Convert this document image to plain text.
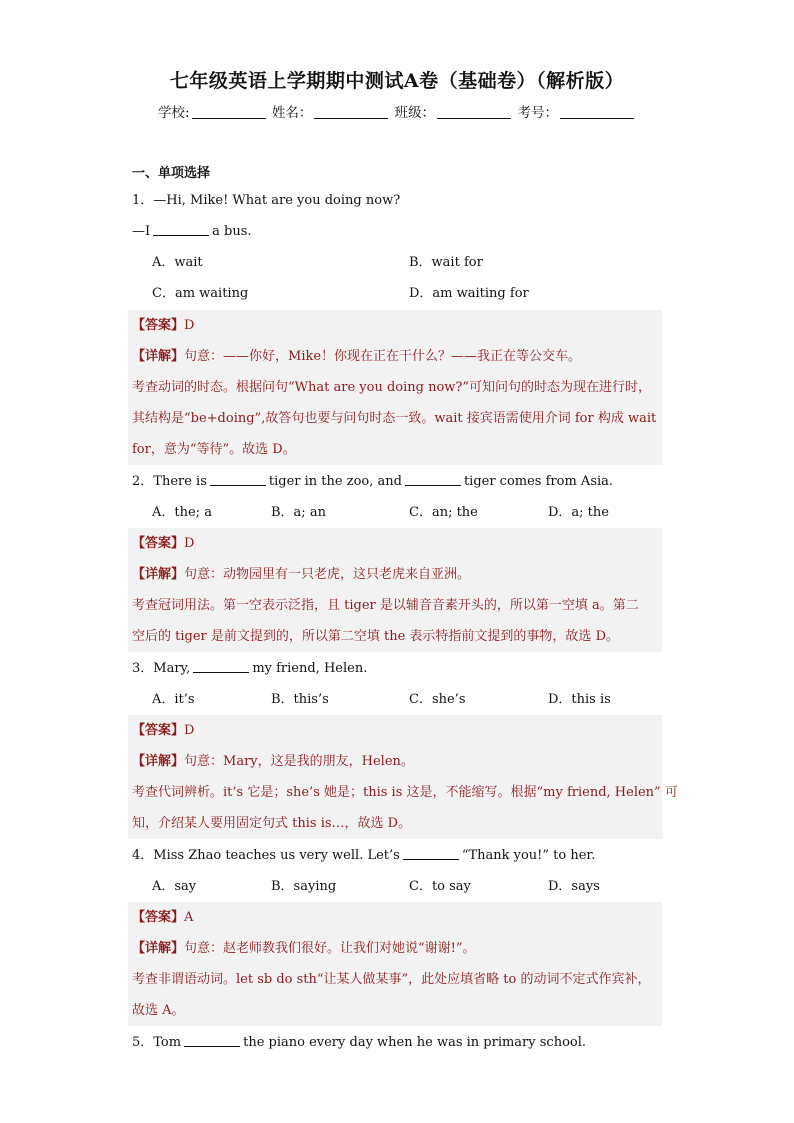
七年级英语上学期期中测试A卷（基础卷）（解析版）
学校:	姓名：	班级：	考号：
一、单项选择
1．—Hi, Mike! What are you doing now?
—I	a bus.
A．wait	B．wait for
C．am waiting	D．am waiting for
【答案】D
【详解】句意：——你好，Mike！你现在正在干什么？——我正在等公交车。
考查动词的时态。根据问句“What are you doing now?”可知问句的时态为现在进行时，
其结构是“be+doing”,故答句也要与问句时态一致。wait 接宾语需使用介词 for 构成 wait
for，意为“等待”。故选 D。
2．There is	tiger in the zoo, and	tiger comes from Asia.
A．the; a	B．a; an	C．an; the	D．a; the
【答案】D
【详解】句意：动物园里有一只老虎，这只老虎来自亚洲。
考查冠词用法。第一空表示泛指，且 tiger 是以辅音音素开头的，所以第一空填 a。第二
空后的 tiger 是前文提到的，所以第二空填 the 表示特指前文提到的事物，故选 D。
3．Mary,	my friend, Helen.
A．it’s	B．this’s	C．she’s	D．this is
【答案】D
【详解】句意：Mary，这是我的朋友，Helen。
考查代词辨析。it’s 它是；she’s 她是；this is 这是，不能缩写。根据“my friend, Helen” 可
知，介绍某人要用固定句式 this is…，故选 D。
4．Miss Zhao teaches us very well. Let’s	“Thank you!” to her.
A．say	B．saying	C．to say	D．says
【答案】A
【详解】句意：赵老师教我们很好。让我们对她说“谢谢!”。
考查非谓语动词。let sb do sth“让某人做某事”，此处应填省略 to 的动词不定式作宾补，
故选 A。
5．Tom	the piano every day when he was in primary school.
